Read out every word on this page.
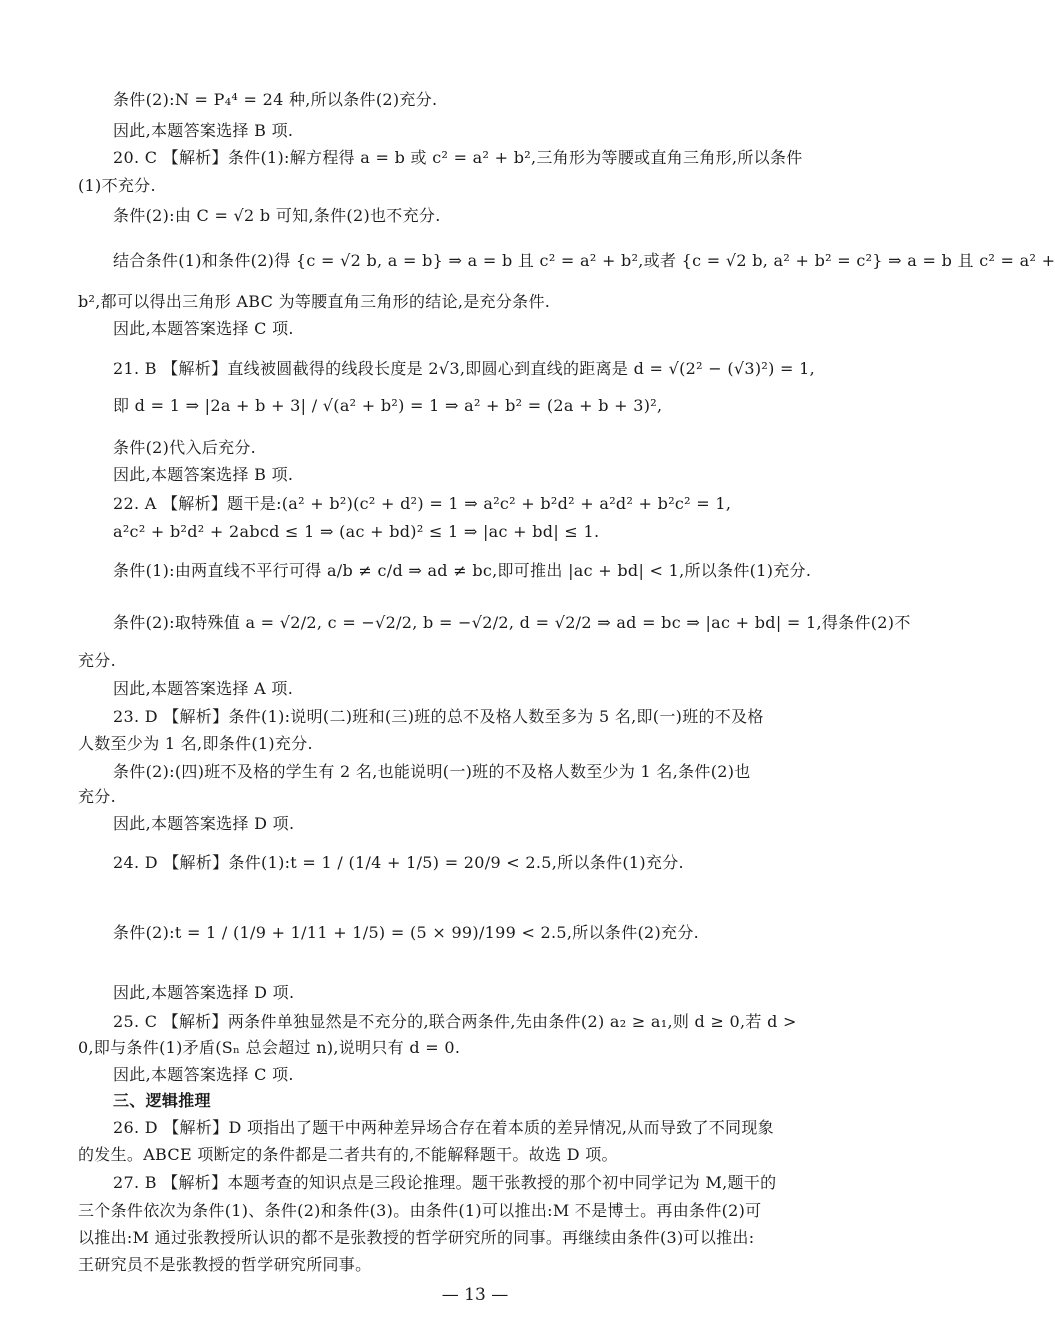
条件(2):N = P₄⁴ = 24 种,所以条件(2)充分.
因此,本题答案选择 B 项.
20. C 【解析】条件(1):解方程得 a = b 或 c² = a² + b²,三角形为等腰或直角三角形,所以条件
(1)不充分.
条件(2):由 C = √2 b 可知,条件(2)也不充分.
结合条件(1)和条件(2)得 {c = √2 b, a = b} ⇒ a = b 且 c² = a² + b²,或者 {c = √2 b, a² + b² = c²} ⇒ a = b 且 c² = a² +
b²,都可以得出三角形 ABC 为等腰直角三角形的结论,是充分条件.
因此,本题答案选择 C 项.
21. B 【解析】直线被圆截得的线段长度是 2√3,即圆心到直线的距离是 d = √(2² − (√3)²) = 1,
即 d = 1 ⇒ |2a + b + 3| / √(a² + b²) = 1 ⇒ a² + b² = (2a + b + 3)²,
条件(2)代入后充分.
因此,本题答案选择 B 项.
22. A 【解析】题干是:(a² + b²)(c² + d²) = 1 ⇒ a²c² + b²d² + a²d² + b²c² = 1,
a²c² + b²d² + 2abcd ≤ 1 ⇒ (ac + bd)² ≤ 1 ⇒ |ac + bd| ≤ 1.
条件(1):由两直线不平行可得 a/b ≠ c/d ⇒ ad ≠ bc,即可推出 |ac + bd| < 1,所以条件(1)充分.
条件(2):取特殊值 a = √2/2, c = −√2/2, b = −√2/2, d = √2/2 ⇒ ad = bc ⇒ |ac + bd| = 1,得条件(2)不
充分.
因此,本题答案选择 A 项.
23. D 【解析】条件(1):说明(二)班和(三)班的总不及格人数至多为 5 名,即(一)班的不及格
人数至少为 1 名,即条件(1)充分.
条件(2):(四)班不及格的学生有 2 名,也能说明(一)班的不及格人数至少为 1 名,条件(2)也
充分.
因此,本题答案选择 D 项.
24. D 【解析】条件(1):t = 1 / (1/4 + 1/5) = 20/9 < 2.5,所以条件(1)充分.
条件(2):t = 1 / (1/9 + 1/11 + 1/5) = (5 × 99)/199 < 2.5,所以条件(2)充分.
因此,本题答案选择 D 项.
25. C 【解析】两条件单独显然是不充分的,联合两条件,先由条件(2) a₂ ≥ a₁,则 d ≥ 0,若 d >
0,即与条件(1)矛盾(Sₙ 总会超过 n),说明只有 d = 0.
因此,本题答案选择 C 项.
三、逻辑推理
26. D 【解析】D 项指出了题干中两种差异场合存在着本质的差异情况,从而导致了不同现象
的发生。ABCE 项断定的条件都是二者共有的,不能解释题干。故选 D 项。
27. B 【解析】本题考查的知识点是三段论推理。题干张教授的那个初中同学记为 M,题干的
三个条件依次为条件(1)、条件(2)和条件(3)。由条件(1)可以推出:M 不是博士。再由条件(2)可
以推出:M 通过张教授所认识的都不是张教授的哲学研究所的同事。再继续由条件(3)可以推出:
王研究员不是张教授的哲学研究所同事。
— 13 —
